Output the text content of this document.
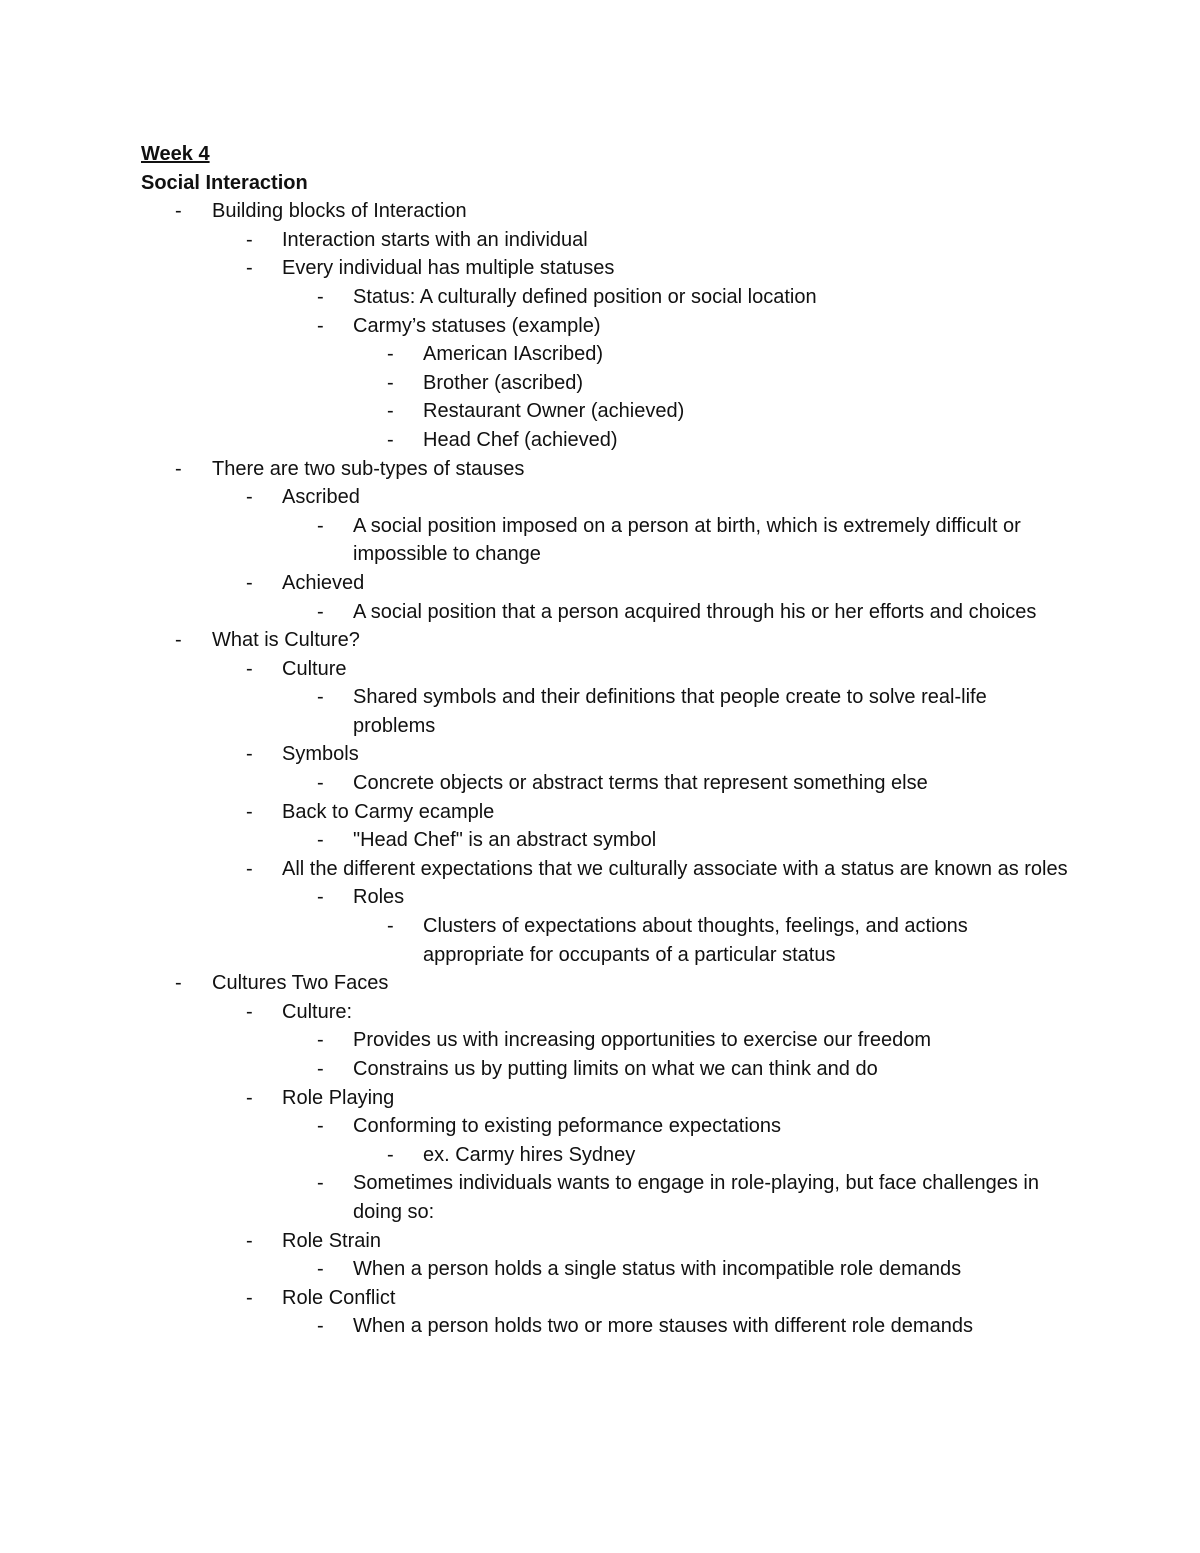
Week 4
Social Interaction
- Building blocks of Interaction
- Interaction starts with an individual
- Every individual has multiple statuses
- Status: A culturally defined position or social location
- Carmy’s statuses (example)
- American IAscribed)
- Brother (ascribed)
- Restaurant Owner (achieved)
- Head Chef (achieved)
- There are two sub-types of stauses
- Ascribed
- A social position imposed on a person at birth, which is extremely difficult or impossible to change
- Achieved
- A social position that a person acquired through his or her efforts and choices
- What is Culture?
- Culture
- Shared symbols and their definitions that people create to solve real-life problems
- Symbols
- Concrete objects or abstract terms that represent something else
- Back to Carmy ecample
- "Head Chef" is an abstract symbol
- All the different expectations that we culturally associate with a status are known as roles
- Roles
- Clusters of expectations about thoughts, feelings, and actions appropriate for occupants of a particular status
- Cultures Two Faces
- Culture:
- Provides us with increasing opportunities to exercise our freedom
- Constrains us by putting limits on what we can think and do
- Role Playing
- Conforming to existing peformance expectations
- ex. Carmy hires Sydney
- Sometimes individuals wants to engage in role-playing, but face challenges in doing so:
- Role Strain
- When a person holds a single status with incompatible role demands
- Role Conflict
- When a person holds two or more stauses with different role demands
